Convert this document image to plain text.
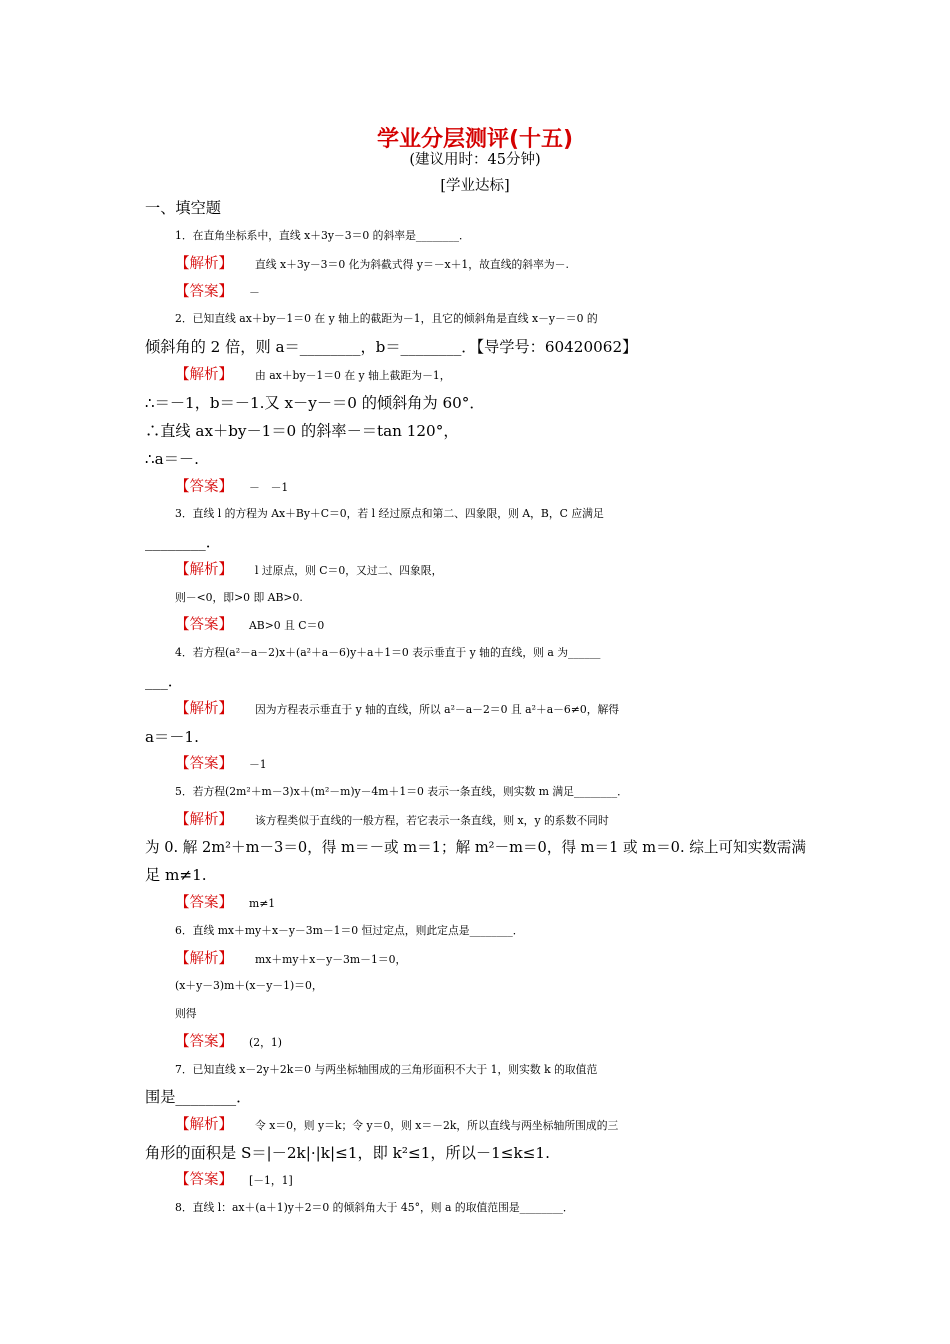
学业分层测评(十五)
(建议用时：45分钟)
[学业达标]
一、填空题
1．在直角坐标系中，直线 x＋3y－3＝0 的斜率是________．
【解析】 直线 x＋3y－3＝0 化为斜截式得 y＝－x＋1，故直线的斜率为－.
【答案】 －
2．已知直线 ax＋by－1＝0 在 y 轴上的截距为－1，且它的倾斜角是直线 x－y－＝0 的
倾斜角的 2 倍，则 a＝________，b＝________．【导学号：60420062】
【解析】 由 ax＋by－1＝0 在 y 轴上截距为－1，
∴＝－1，b＝－1.又 x－y－＝0 的倾斜角为 60°．
∴直线 ax＋by－1＝0 的斜率－＝tan 120°，
∴a＝－.
【答案】 －　－1
3．直线 l 的方程为 Ax＋By＋C＝0，若 l 经过原点和第二、四象限，则 A，B，C 应满足
________．
【解析】 l 过原点，则 C＝0，又过二、四象限，
则－<0，即>0 即 AB>0.
【答案】 AB>0 且 C＝0
4．若方程(a²－a－2)x＋(a²＋a－6)y＋a＋1＝0 表示垂直于 y 轴的直线，则 a 为______
___．
【解析】 因为方程表示垂直于 y 轴的直线，所以 a²－a－2＝0 且 a²＋a－6≠0，解得
a＝－1.
【答案】 －1
5．若方程(2m²＋m－3)x＋(m²－m)y－4m＋1＝0 表示一条直线，则实数 m 满足________．
【解析】 该方程类似于直线的一般方程，若它表示一条直线，则 x，y 的系数不同时
为 0. 解 2m²＋m－3＝0，得 m＝－或 m＝1；解 m²－m＝0，得 m＝1 或 m＝0. 综上可知实数需满
足 m≠1.
【答案】 m≠1
6．直线 mx＋my＋x－y－3m－1＝0 恒过定点，则此定点是________．
【解析】 mx＋my＋x－y－3m－1＝0，
(x＋y－3)m＋(x－y－1)＝0，
则得
【答案】 (2，1)
7．已知直线 x－2y＋2k＝0 与两坐标轴围成的三角形面积不大于 1，则实数 k 的取值范
围是________．
【解析】 令 x＝0，则 y＝k；令 y＝0，则 x＝－2k，所以直线与两坐标轴所围成的三
角形的面积是 S＝|－2k|·|k|≤1，即 k²≤1，所以－1≤k≤1.
【答案】 [－1，1]
8．直线 l：ax＋(a＋1)y＋2＝0 的倾斜角大于 45°，则 a 的取值范围是________．
